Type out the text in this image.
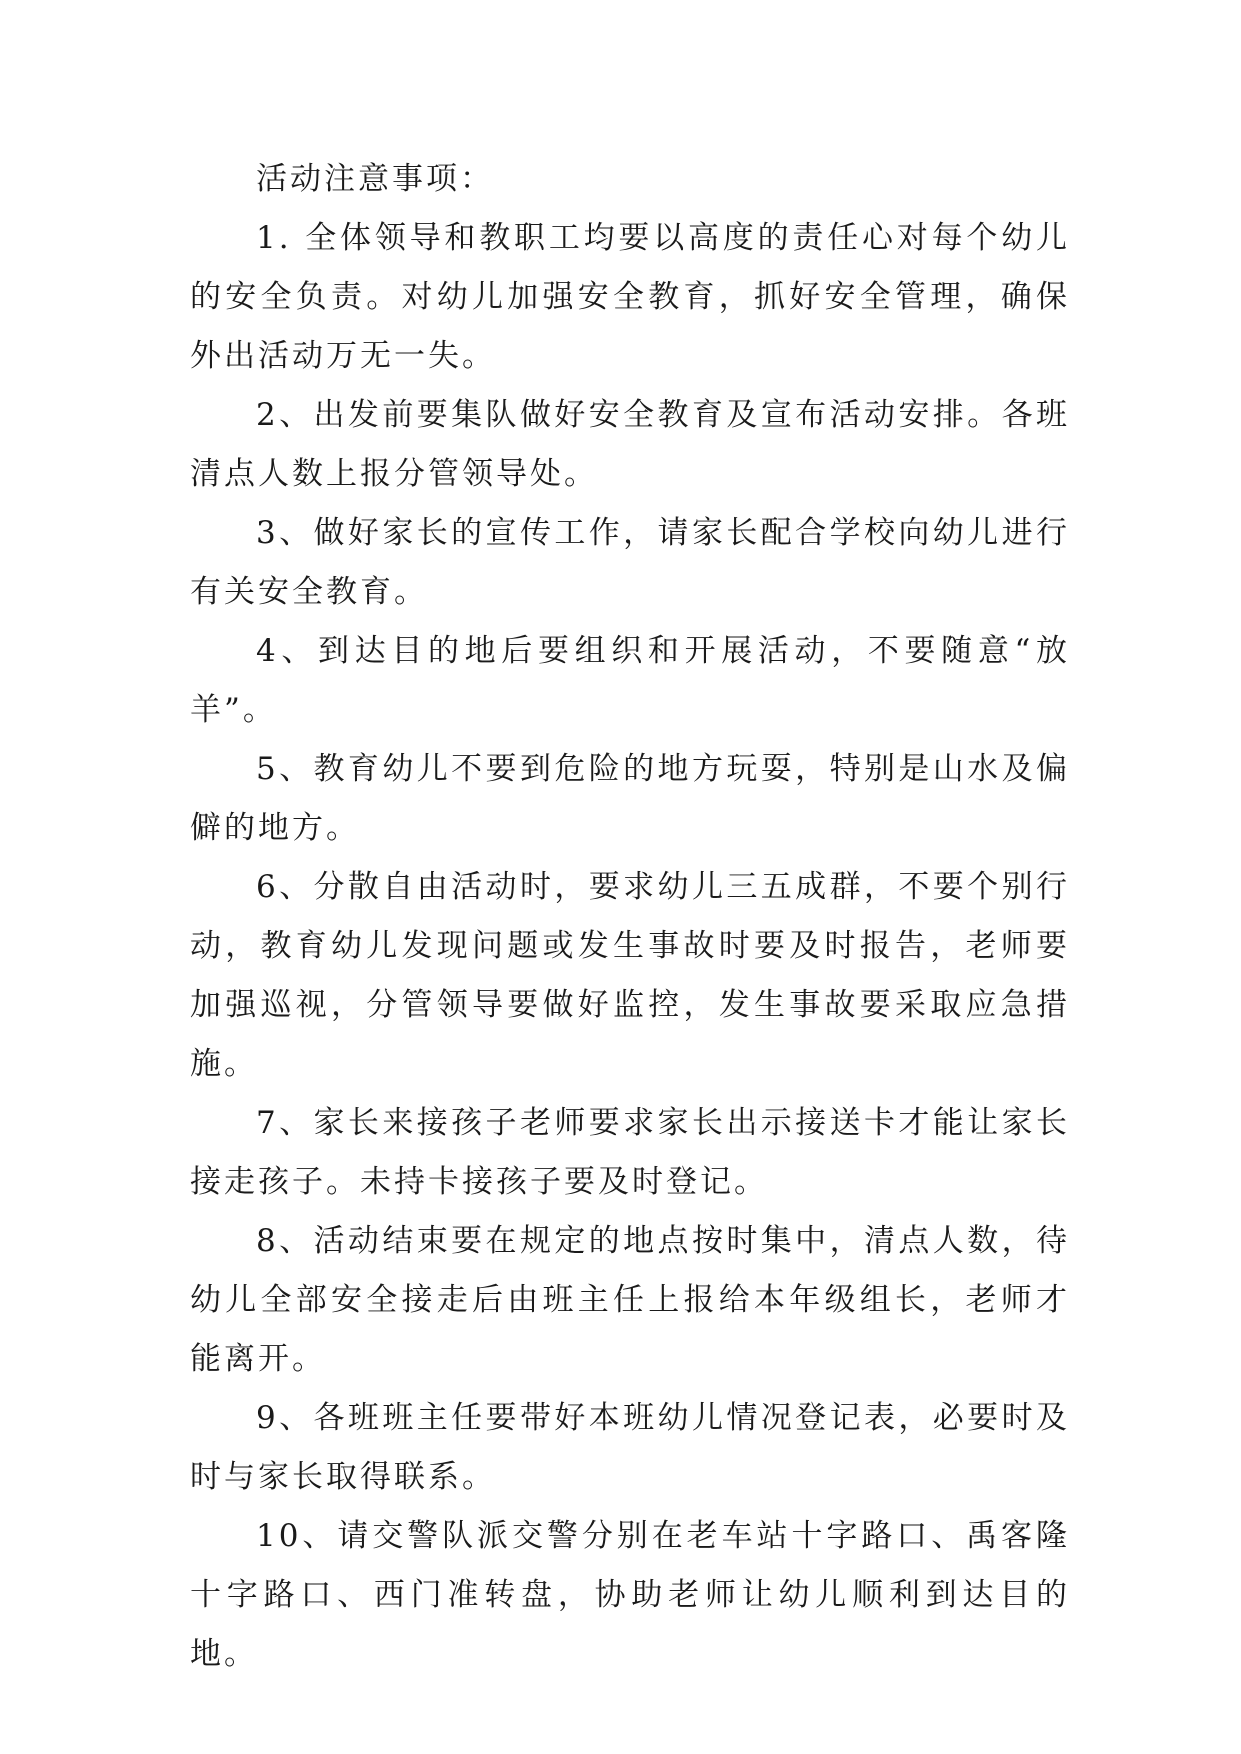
活动注意事项：

1. 全体领导和教职工均要以高度的责任心对每个幼儿的安全负责。对幼儿加强安全教育，抓好安全管理，确保外出活动万无一失。

2、出发前要集队做好安全教育及宣布活动安排。各班清点人数上报分管领导处。

3、做好家长的宣传工作，请家长配合学校向幼儿进行有关安全教育。

4、到达目的地后要组织和开展活动，不要随意“放羊”。

5、教育幼儿不要到危险的地方玩耍，特别是山水及偏僻的地方。

6、分散自由活动时，要求幼儿三五成群，不要个别行动，教育幼儿发现问题或发生事故时要及时报告，老师要加强巡视，分管领导要做好监控，发生事故要采取应急措施。

7、家长来接孩子老师要求家长出示接送卡才能让家长接走孩子。未持卡接孩子要及时登记。

8、活动结束要在规定的地点按时集中，清点人数，待幼儿全部安全接走后由班主任上报给本年级组长，老师才能离开。

9、各班班主任要带好本班幼儿情况登记表，必要时及时与家长取得联系。

10、请交警队派交警分别在老车站十字路口、禹客隆十字路口、西门准转盘，协助老师让幼儿顺利到达目的地。
